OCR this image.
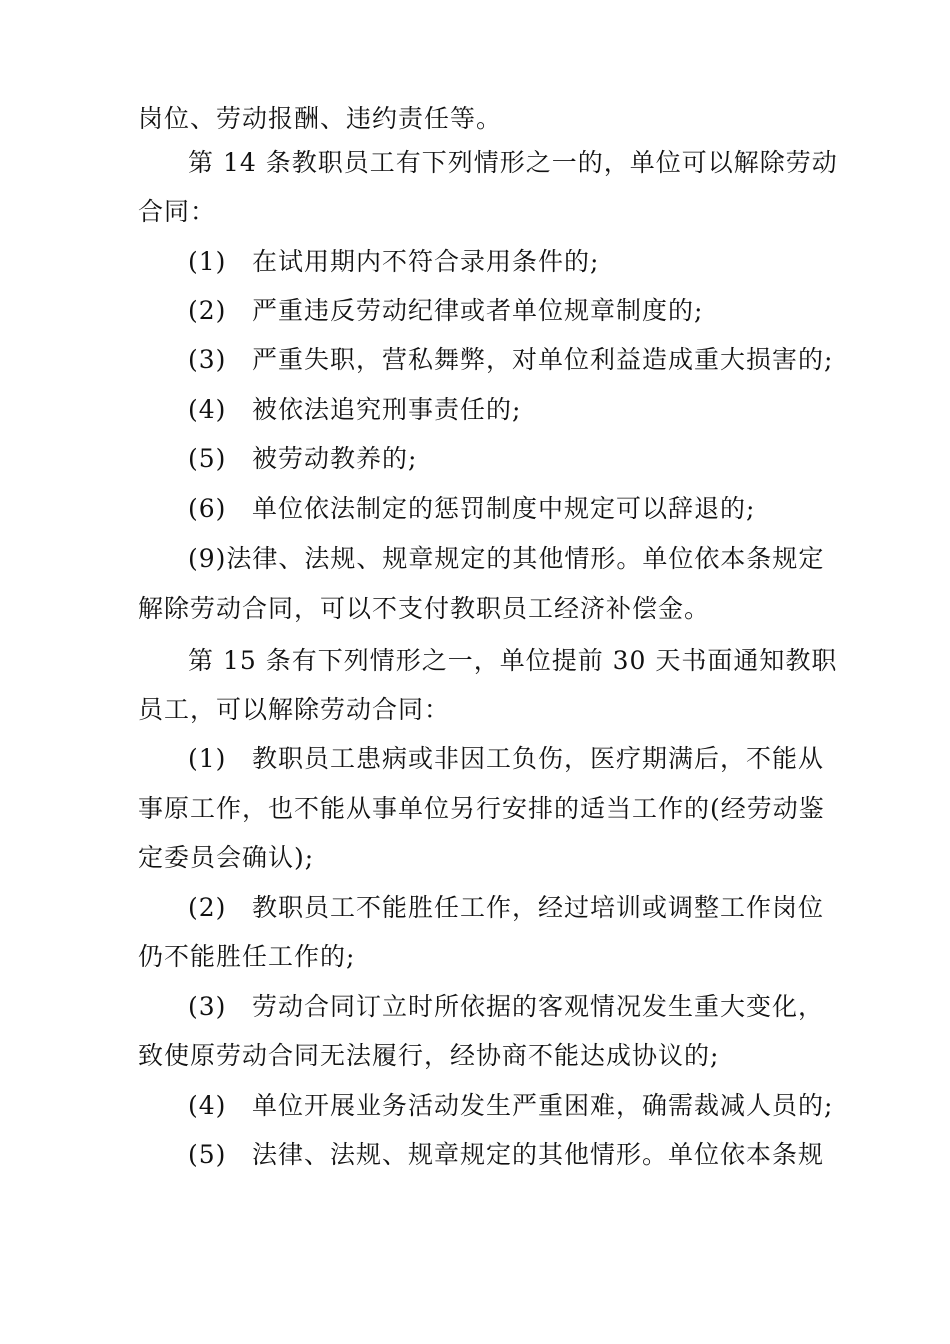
岗位、劳动报酬、违约责任等。
第 14 条教职员工有下列情形之一的，单位可以解除劳动
合同：
(1) 在试用期内不符合录用条件的;
(2) 严重违反劳动纪律或者单位规章制度的;
(3) 严重失职，营私舞弊，对单位利益造成重大损害的;
(4) 被依法追究刑事责任的;
(5) 被劳动教养的;
(6) 单位依法制定的惩罚制度中规定可以辞退的;
(9)法律、法规、规章规定的其他情形。单位依本条规定
解除劳动合同，可以不支付教职员工经济补偿金。
第 15 条有下列情形之一，单位提前 30 天书面通知教职
员工，可以解除劳动合同：
(1) 教职员工患病或非因工负伤，医疗期满后，不能从
事原工作，也不能从事单位另行安排的适当工作的(经劳动鉴
定委员会确认);
(2) 教职员工不能胜任工作，经过培训或调整工作岗位
仍不能胜任工作的;
(3) 劳动合同订立时所依据的客观情况发生重大变化，
致使原劳动合同无法履行，经协商不能达成协议的;
(4) 单位开展业务活动发生严重困难，确需裁减人员的;
(5) 法律、法规、规章规定的其他情形。单位依本条规
